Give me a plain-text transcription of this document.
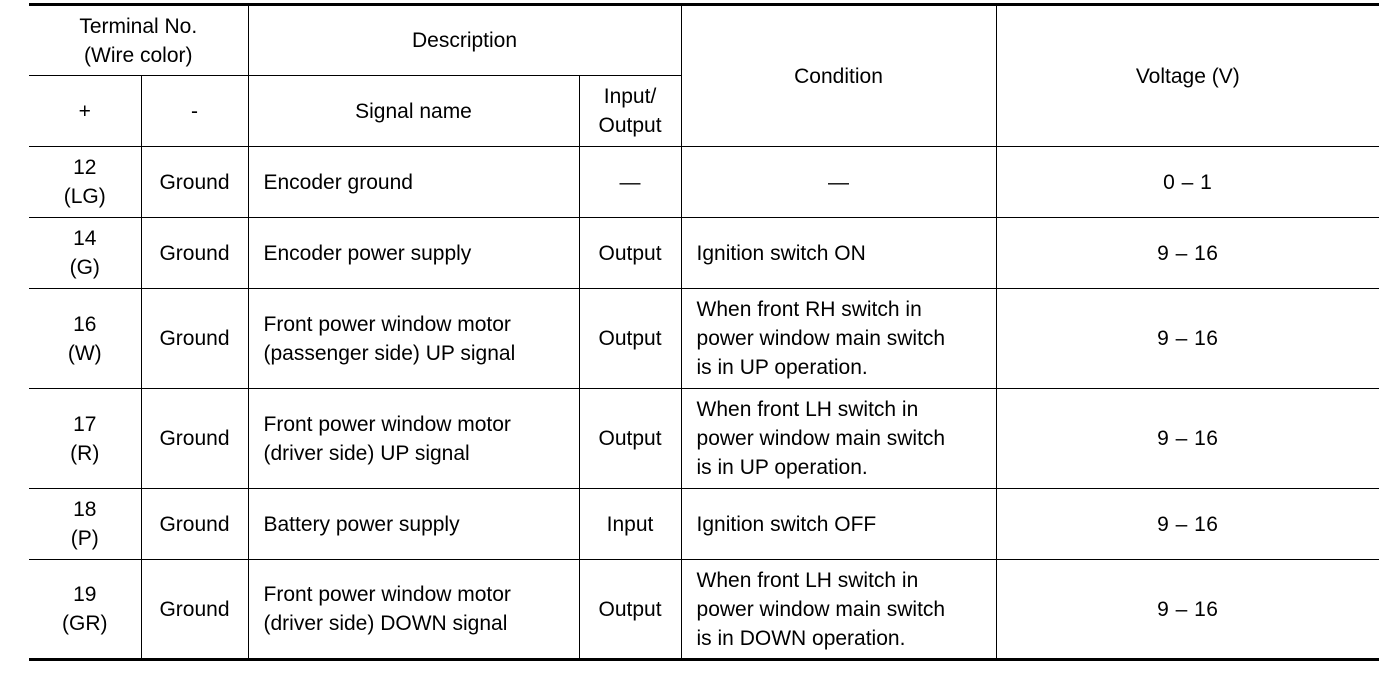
Terminal No.
(Wire color)		Description		Condition	Voltage (V)
+	-	Signal name	Input/
Output		

12
(LG)	Ground	Encoder ground	—	—	0 – 1

14
(G)	Ground	Encoder power supply	Output	Ignition switch ON	9 – 16

16
(W)	Ground	Front power window motor
(passenger side) UP signal	Output	When front RH switch in
power window main switch
is in UP operation.	9 – 16

17
(R)	Ground	Front power window motor
(driver side) UP signal	Output	When front LH switch in
power window main switch
is in UP operation.	9 – 16

18
(P)	Ground	Battery power supply	Input	Ignition switch OFF	9 – 16

19
(GR)	Ground	Front power window motor
(driver side) DOWN signal	Output	When front LH switch in
power window main switch
is in DOWN operation.	9 – 16
